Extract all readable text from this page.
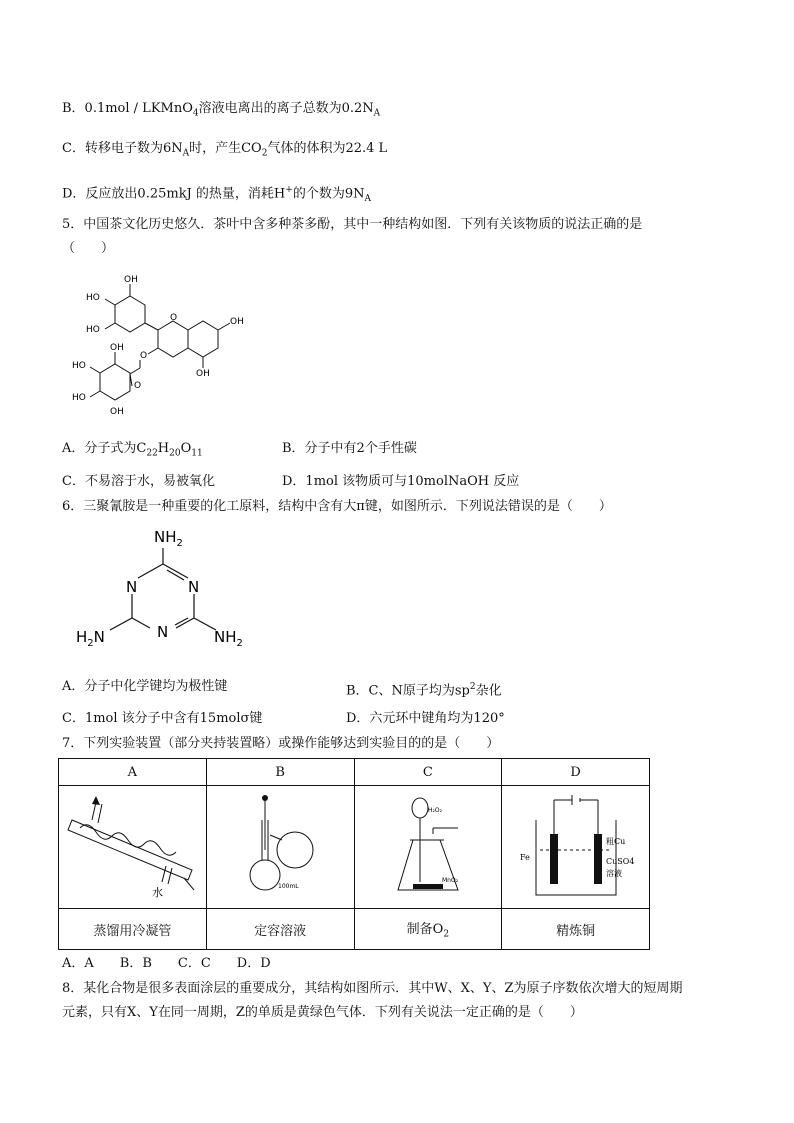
B．0.1mol / LKMnO$_4$溶液电离出的离子总数为$0.2N_A$
C．转移电子数为$6N_A$时，产生$CO_2$气体的体积为22.4 L
D．反应放出0.25mkJ 的热量，消耗H+的个数为$9N_A$
5．中国茶文化历史悠久．茶叶中含多种茶多酚，其中一种结构如图．下列有关该物质的说法正确的是
（　　）
OH
HO
HO
O	OH
OH
O
O
OH
HO
HO
OH
A．分子式为$C_{22}H_{20}O_{11}$	B．分子中有2个手性碳
C．不易溶于水，易被氧化	D．1mol 该物质可与10molNaOH 反应
6．三聚氰胺是一种重要的化工原料，结构中含有大π键，如图所示．下列说法错误的是（　　）
$NH_2$
N	N
N
$H_2N$	$NH_2$
A．分子中化学键均为极性键	B．C、N原子均为$sp^2$杂化
C．1mol 该分子中含有15molσ键	D．六元环中键角均为120°
7．下列实验装置（部分夹持装置略）或操作能够达到实验目的的是（　　）
A	B	C	D

水	100mL	H₂O₂
MnO₂	Fe
粗Cu
CuSO4
溶液

蒸馏用冷凝管	定容溶液	制备$O_2$	精炼铜
A．A　　B．B　　C．C　　D．D
8．某化合物是很多表面涂层的重要成分，其结构如图所示．其中W、X、Y、Z为原子序数依次增大的短周期
元素，只有X、Y在同一周期，Z的单质是黄绿色气体．下列有关说法一定正确的是（　　）
